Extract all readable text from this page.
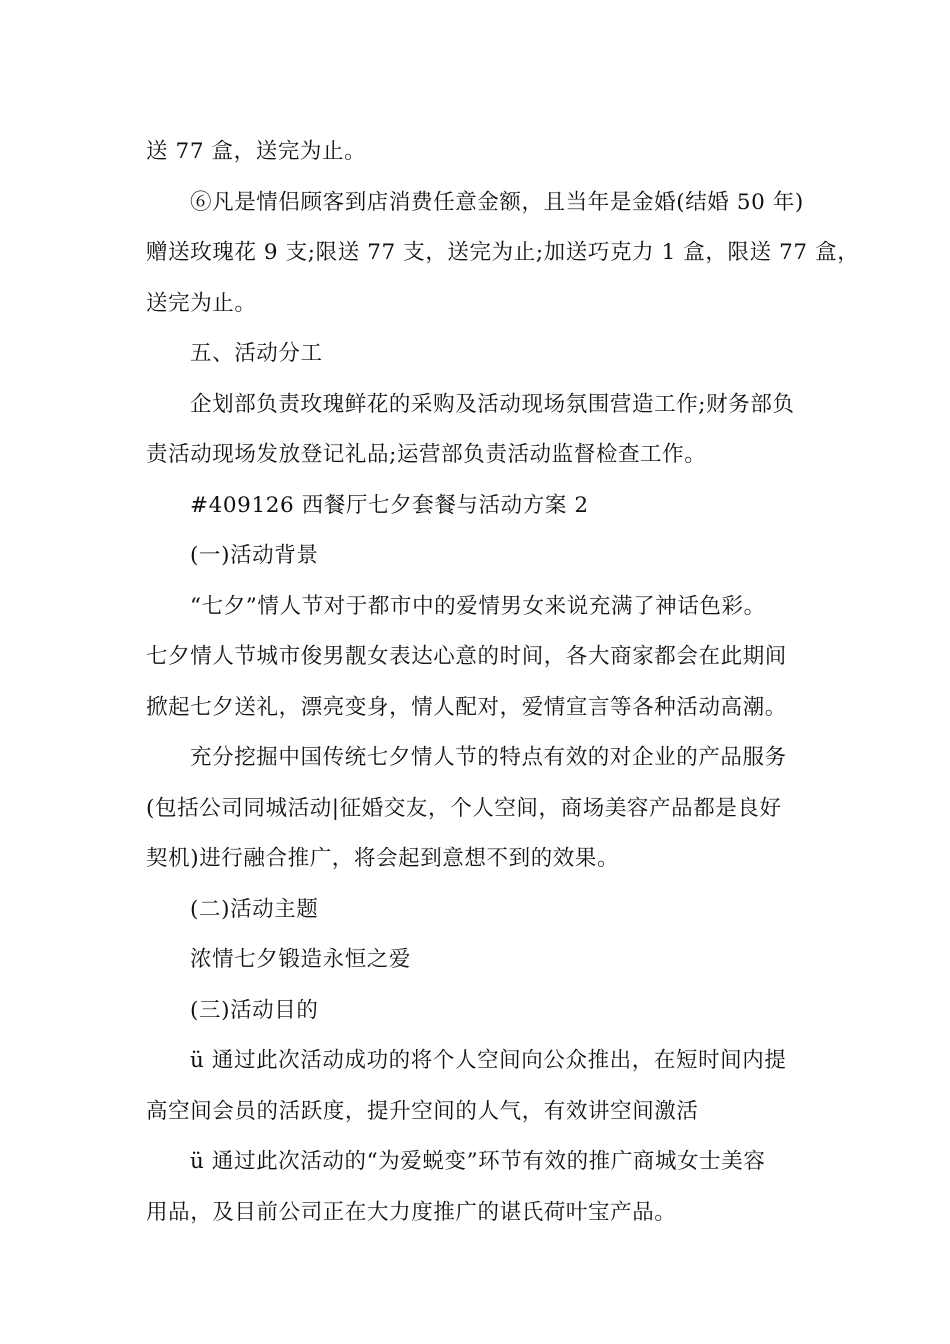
送 77 盒，送完为止。
⑥凡是情侣顾客到店消费任意金额，且当年是金婚(结婚 50 年)
赠送玫瑰花 9 支;限送 77 支，送完为止;加送巧克力 1 盒，限送 77 盒，
送完为止。
五、活动分工
企划部负责玫瑰鲜花的采购及活动现场氛围营造工作;财务部负
责活动现场发放登记礼品;运营部负责活动监督检查工作。
#409126 西餐厅七夕套餐与活动方案 2
(一)活动背景
“七夕”情人节对于都市中的爱情男女来说充满了神话色彩。
七夕情人节城市俊男靓女表达心意的时间，各大商家都会在此期间
掀起七夕送礼，漂亮变身，情人配对，爱情宣言等各种活动高潮。
充分挖掘中国传统七夕情人节的特点有效的对企业的产品服务
(包括公司同城活动|征婚交友，个人空间，商场美容产品都是良好
契机)进行融合推广，将会起到意想不到的效果。
(二)活动主题
浓情七夕锻造永恒之爱
(三)活动目的
ü 通过此次活动成功的将个人空间向公众推出，在短时间内提
高空间会员的活跃度，提升空间的人气，有效讲空间激活
ü 通过此次活动的“为爱蜕变”环节有效的推广商城女士美容
用品，及目前公司正在大力度推广的谌氏荷叶宝产品。
